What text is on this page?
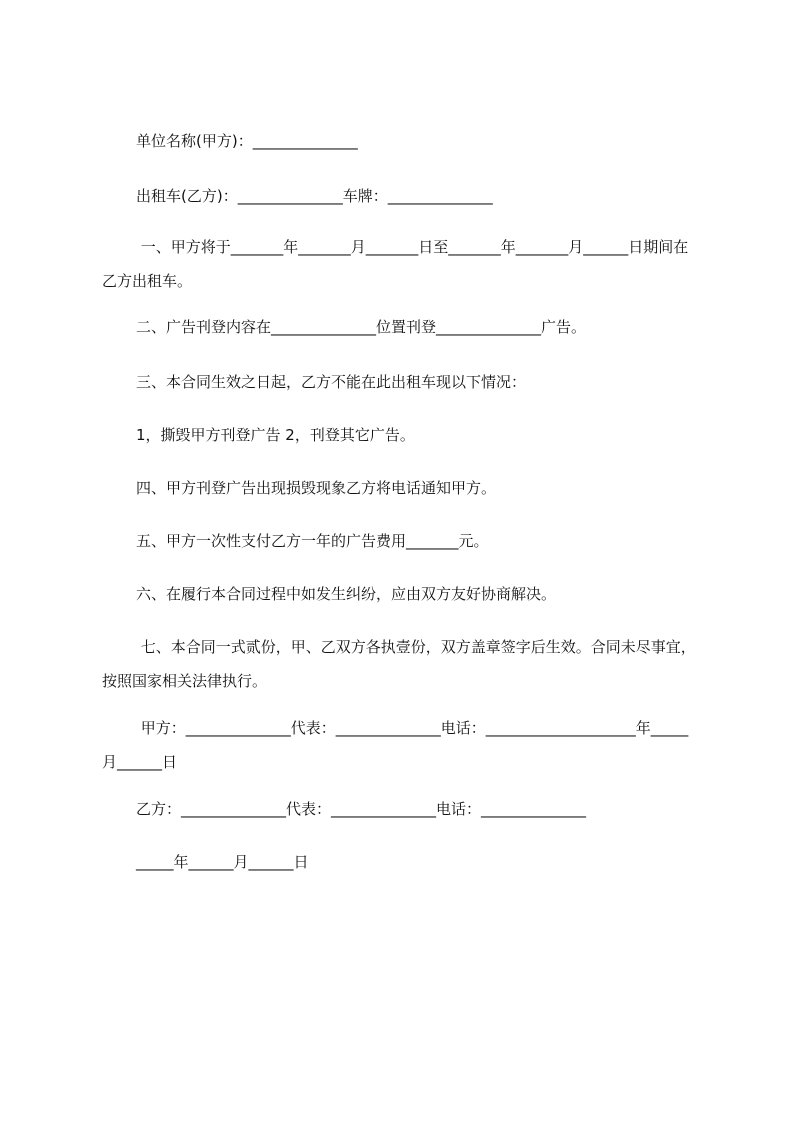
单位名称(甲方)：______________

出租车(乙方)：______________车牌：______________

一、甲方将于_______年_______月_______日至_______年_______月______日期间在乙方出租车。

二、广告刊登内容在______________位置刊登______________广告。

三、本合同生效之日起，乙方不能在此出租车现以下情况：

1，撕毁甲方刊登广告 2，刊登其它广告。

四、甲方刊登广告出现损毁现象乙方将电话通知甲方。

五、甲方一次性支付乙方一年的广告费用_______元。

六、在履行本合同过程中如发生纠纷，应由双方友好协商解决。

七、本合同一式贰份，甲、乙双方各执壹份，双方盖章签字后生效。合同未尽事宜，按照国家相关法律执行。

甲方：______________代表：______________电话：____________________年_____月______日

乙方：______________代表：______________电话：______________

_____年______月______日
